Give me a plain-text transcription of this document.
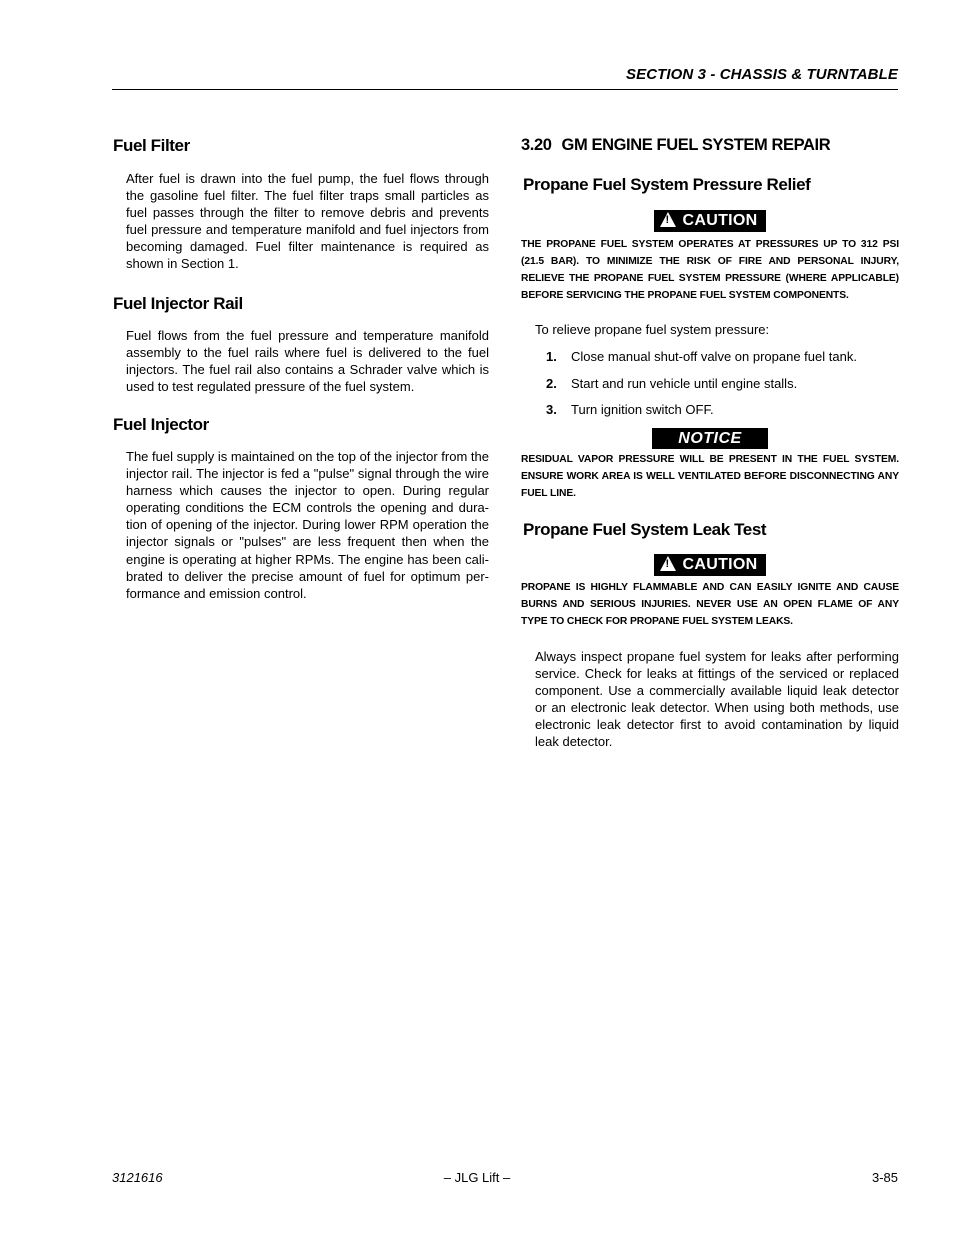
SECTION 3 - CHASSIS & TURNTABLE
Fuel Filter

After fuel is drawn into the fuel pump, the fuel flows through the gasoline fuel filter. The fuel filter traps small particles as fuel passes through the filter to remove debris and prevents fuel pressure and temperature manifold and fuel injectors from becoming damaged. Fuel filter maintenance is required as shown in Section 1.

Fuel Injector Rail

Fuel flows from the fuel pressure and temperature manifold assembly to the fuel rails where fuel is delivered to the fuel injectors. The fuel rail also contains a Schrader valve which is used to test regulated pressure of the fuel system.

Fuel Injector

The fuel supply is maintained on the top of the injector from the injector rail. The injector is fed a "pulse" signal through the wire harness which causes the injector to open. During regular operating conditions the ECM controls the opening and dura-tion of opening of the injector. During lower RPM operation the injector signals or "pulses" are less frequent then when the engine is operating at higher RPMs. The engine has been cali-brated to deliver the precise amount of fuel for optimum per-formance and emission control.

3.20 GM ENGINE FUEL SYSTEM REPAIR
Propane Fuel System Pressure Relief
!CAUTION

THE PROPANE FUEL SYSTEM OPERATES AT PRESSURES UP TO 312 PSI (21.5 BAR). TO MINIMIZE THE RISK OF FIRE AND PERSONAL INJURY, RELIEVE THE PROPANE FUEL SYSTEM PRESSURE (WHERE APPLICABLE) BEFORE SERVICING THE PROPANE FUEL SYSTEM COMPONENTS.

To relieve propane fuel system pressure:

1.	Close manual shut-off valve on propane fuel tank.
2.	Start and run vehicle until engine stalls.
3.	Turn ignition switch OFF.
NOTICE

RESIDUAL VAPOR PRESSURE WILL BE PRESENT IN THE FUEL SYSTEM. ENSURE WORK AREA IS WELL VENTILATED BEFORE DISCONNECTING ANY FUEL LINE.

Propane Fuel System Leak Test
!CAUTION

PROPANE IS HIGHLY FLAMMABLE AND CAN EASILY IGNITE AND CAUSE BURNS AND SERIOUS INJURIES. NEVER USE AN OPEN FLAME OF ANY TYPE TO CHECK FOR PROPANE FUEL SYSTEM LEAKS.

Always inspect propane fuel system for leaks after performing service. Check for leaks at fittings of the serviced or replaced component. Use a commercially available liquid leak detector or an electronic leak detector. When using both methods, use electronic leak detector first to avoid contamination by liquid leak detector.

3121616	– JLG Lift –	3-85
